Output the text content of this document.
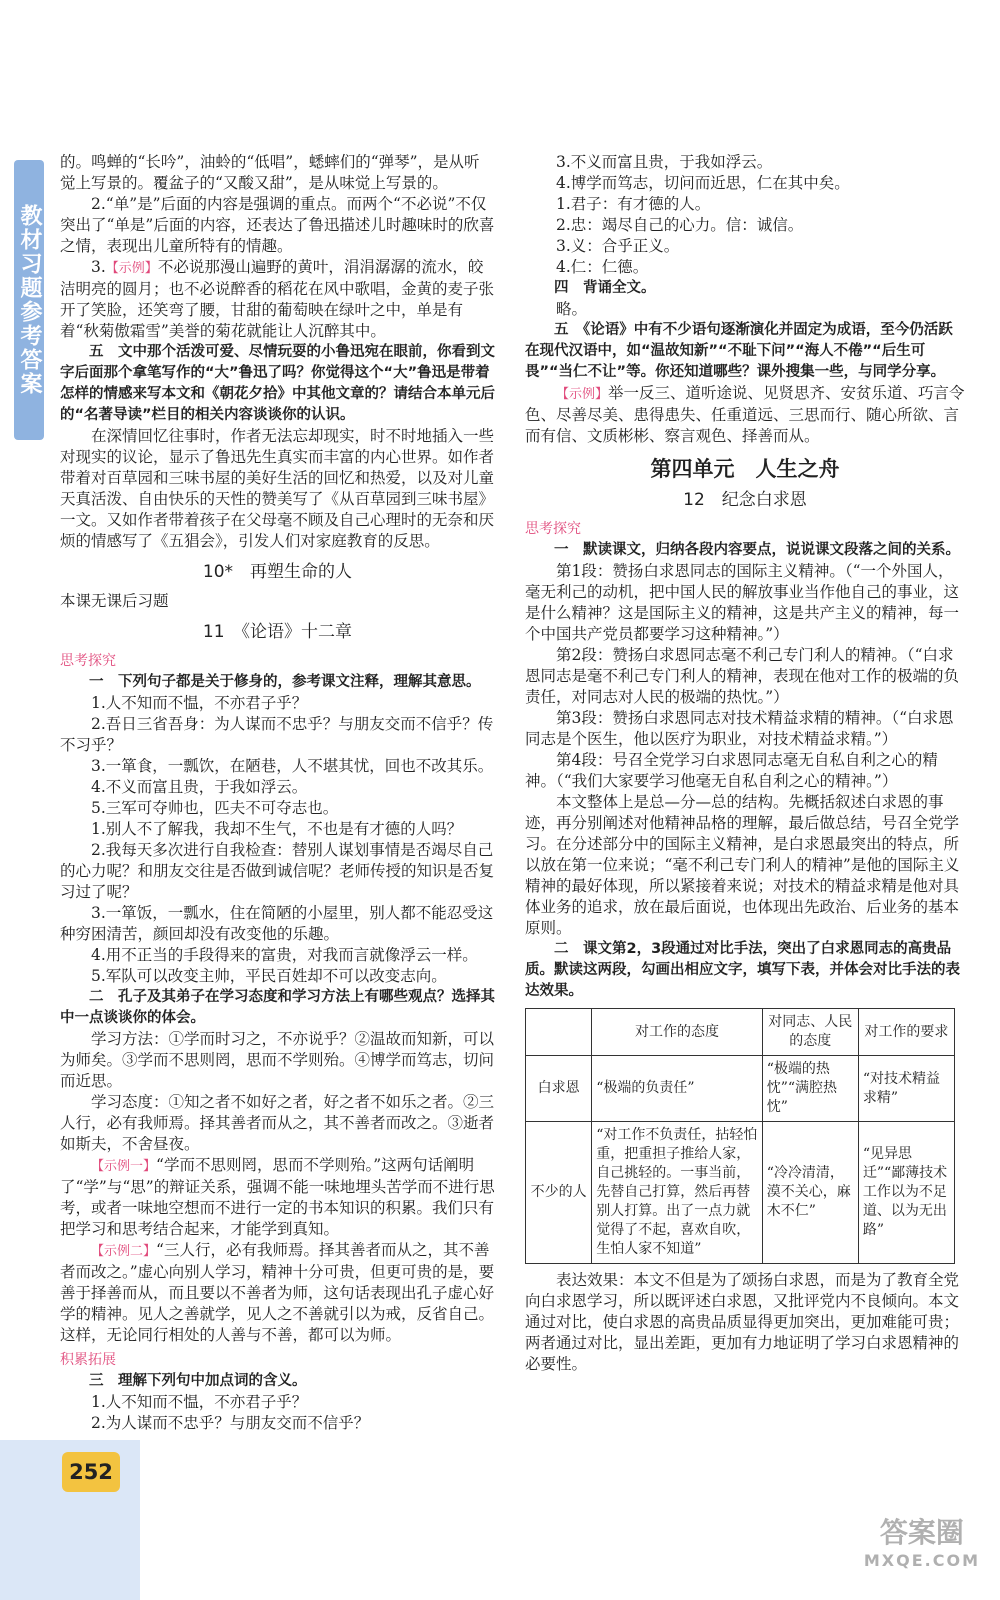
教材习题参考答案

的。鸣蝉的“长吟”，油蛉的“低唱”，蟋蟀们的“弹琴”，是从听觉上写景的。覆盆子的“又酸又甜”，是从味觉上写景的。

2.“单”是”后面的内容是强调的重点。而两个“不必说”不仅突出了“单是”后面的内容，还表达了鲁迅描述儿时趣味时的欣喜之情，表现出儿童所特有的情趣。

3.【示例】不必说那漫山遍野的黄叶，涓涓潺潺的流水，皎洁明亮的圆月；也不必说醉香的稻花在风中歌唱，金黄的麦子张开了笑脸，还笑弯了腰，甘甜的葡萄映在绿叶之中，单是有着“秋菊傲霜雪”美誉的菊花就能让人沉醉其中。

五　文中那个活泼可爱、尽情玩耍的小鲁迅宛在眼前，你看到文字后面那个拿笔写作的“大”鲁迅了吗？你觉得这个“大”鲁迅是带着怎样的情感来写本文和《朝花夕拾》中其他文章的？请结合本单元后的“名著导读”栏目的相关内容谈谈你的认识。

在深情回忆往事时，作者无法忘却现实，时不时地插入一些对现实的议论，显示了鲁迅先生真实而丰富的内心世界。如作者带着对百草园和三味书屋的美好生活的回忆和热爱，以及对儿童天真活泼、自由快乐的天性的赞美写了《从百草园到三味书屋》一文。又如作者带着孩子在父母毫不顾及自己心理时的无奈和厌烦的情感写了《五猖会》，引发人们对家庭教育的反思。

10*　再塑生命的人

本课无课后习题

11　《论语》十二章
思考探究

一　下列句子都是关于修身的，参考课文注释，理解其意思。

1.人不知而不愠，不亦君子乎？

2.吾日三省吾身：为人谋而不忠乎？与朋友交而不信乎？传不习乎？

3.一箪食，一瓢饮，在陋巷，人不堪其忧，回也不改其乐。

4.不义而富且贵，于我如浮云。

5.三军可夺帅也，匹夫不可夺志也。

1.别人不了解我，我却不生气，不也是有才德的人吗？

2.我每天多次进行自我检查：替别人谋划事情是否竭尽自己的心力呢？和朋友交往是否做到诚信呢？老师传授的知识是否复习过了呢？

3.一箪饭，一瓢水，住在简陋的小屋里，别人都不能忍受这种穷困清苦，颜回却没有改变他的乐趣。

4.用不正当的手段得来的富贵，对我而言就像浮云一样。

5.军队可以改变主帅，平民百姓却不可以改变志向。

二　孔子及其弟子在学习态度和学习方法上有哪些观点？选择其中一点谈谈你的体会。

学习方法：①学而时习之，不亦说乎？②温故而知新，可以为师矣。③学而不思则罔，思而不学则殆。④博学而笃志，切问而近思。

学习态度：①知之者不如好之者，好之者不如乐之者。②三人行，必有我师焉。择其善者而从之，其不善者而改之。③逝者如斯夫，不舍昼夜。

【示例一】“学而不思则罔，思而不学则殆。”这两句话阐明了“学”与“思”的辩证关系，强调不能一味地埋头苦学而不进行思考，或者一味地空想而不进行一定的书本知识的积累。我们只有把学习和思考结合起来，才能学到真知。

【示例二】“三人行，必有我师焉。择其善者而从之，其不善者而改之。”虚心向别人学习，精神十分可贵，但更可贵的是，要善于择善而从，而且要以不善者为师，这句话表现出孔子虚心好学的精神。见人之善就学，见人之不善就引以为戒，反省自己。这样，无论同行相处的人善与不善，都可以为师。

积累拓展

三　理解下列句中加点词的含义。

1.人不知而不愠，不亦君子乎？

2.为人谋而不忠乎？与朋友交而不信乎？

3.不义而富且贵，于我如浮云。

4.博学而笃志，切问而近思，仁在其中矣。

1.君子：有才德的人。

2.忠：竭尽自己的心力。信：诚信。

3.义：合乎正义。

4.仁：仁德。

四　背诵全文。

略。

五　《论语》中有不少语句逐渐演化并固定为成语，至今仍活跃在现代汉语中，如“温故知新”“不耻下问”“海人不倦”“后生可畏”“当仁不让”等。你还知道哪些？课外搜集一些，与同学分享。

【示例】举一反三、道听途说、见贤思齐、安贫乐道、巧言令色、尽善尽美、患得患失、任重道远、三思而行、随心所欲、言而有信、文质彬彬、察言观色、择善而从。

第四单元　人生之舟
12　纪念白求恩
思考探究

一　默读课文，归纳各段内容要点，说说课文段落之间的关系。

第1段：赞扬白求恩同志的国际主义精神。（“一个外国人，毫无利己的动机，把中国人民的解放事业当作他自己的事业，这是什么精神？这是国际主义的精神，这是共产主义的精神，每一个中国共产党员都要学习这种精神。”）

第2段：赞扬白求恩同志毫不利己专门利人的精神。（“白求恩同志是毫不利己专门利人的精神，表现在他对工作的极端的负责任，对同志对人民的极端的热忱。”）

第3段：赞扬白求恩同志对技术精益求精的精神。（“白求恩同志是个医生，他以医疗为职业，对技术精益求精。”）

第4段：号召全党学习白求恩同志毫无自私自利之心的精神。（“我们大家要学习他毫无自私自利之心的精神。”）

本文整体上是总—分—总的结构。先概括叙述白求恩的事迹，再分别阐述对他精神品格的理解，最后做总结，号召全党学习。在分述部分中的国际主义精神，是白求恩最突出的特点，所以放在第一位来说；“毫不利己专门利人的精神”是他的国际主义精神的最好体现，所以紧接着来说；对技术的精益求精是他对具体业务的追求，放在最后面说，也体现出先政治、后业务的基本原则。

二　课文第2，3段通过对比手法，突出了白求恩同志的高贵品质。默读这两段，勾画出相应文字，填写下表，并体会对比手法的表达效果。

	对工作的态度	对同志、人民的态度	对工作的要求
白求恩	“极端的负责任”	“极端的热忱”“满腔热忱”	“对技术精益求精”
不少的人	“对工作不负责任，拈轻怕重，把重担子推给人家，自己挑轻的。一事当前，先替自己打算，然后再替别人打算。出了一点力就觉得了不起，喜欢自吹，生怕人家不知道”	“冷冷清清，漠不关心，麻木不仁”	“见异思迁”“鄙薄技术工作以为不足道、以为无出路”

表达效果：本文不但是为了颂扬白求恩，而是为了教育全党向白求恩学习，所以既评述白求恩，又批评党内不良倾向。本文通过对比，使白求恩的高贵品质显得更加突出，更加难能可贵；两者通过对比，显出差距，更加有力地证明了学习白求恩精神的必要性。

252
答案圈
MXQE.COM
